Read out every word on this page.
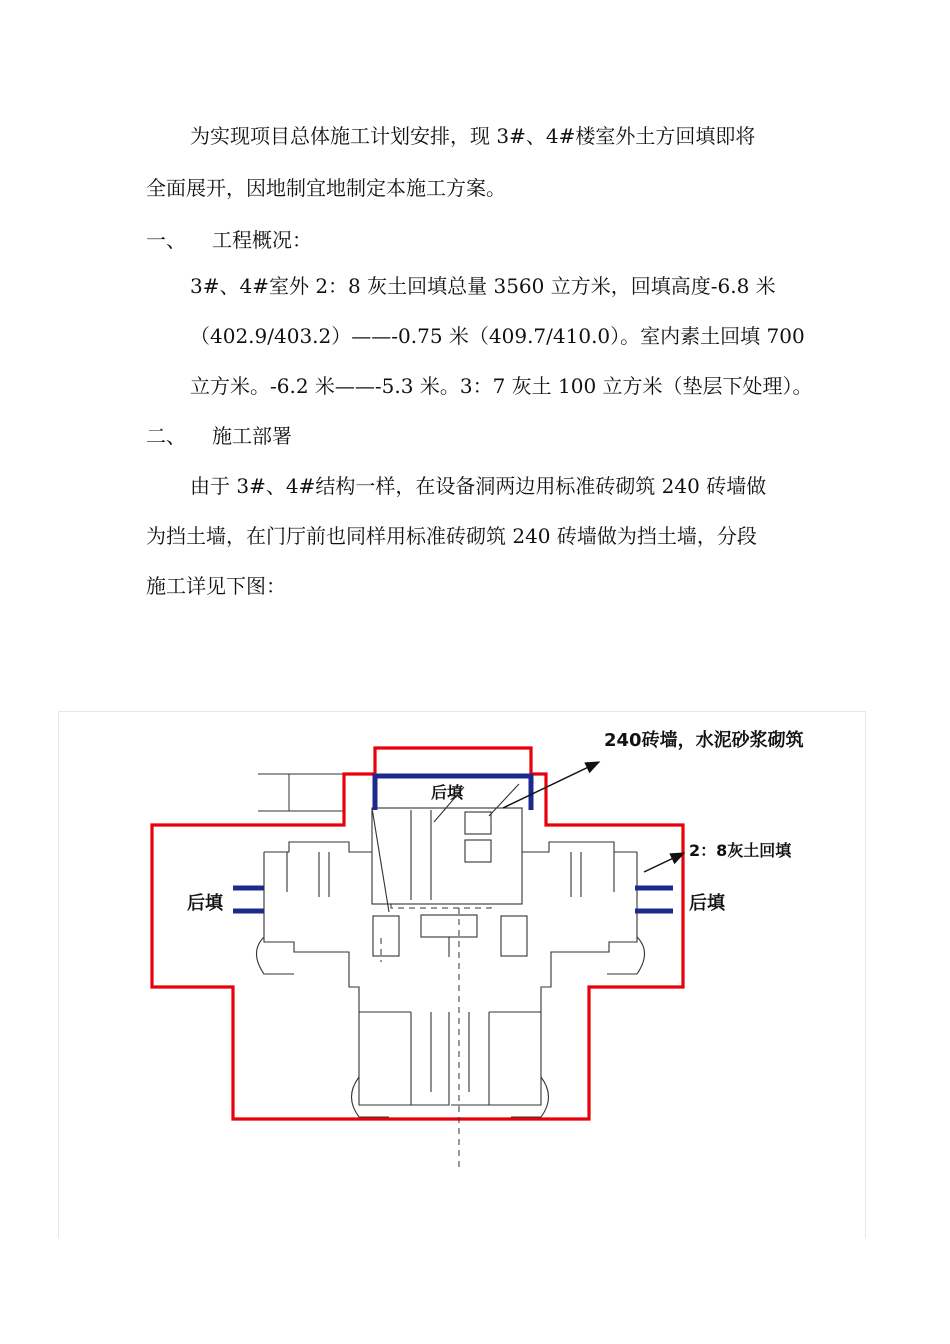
为实现项目总体施工计划安排，现 3#、4#楼室外土方回填即将
全面展开，因地制宜地制定本施工方案。
一、 工程概况：
3#、4#室外 2：8 灰土回填总量 3560 立方米，回填高度-6.8 米
（402.9/403.2）——-0.75 米（409.7/410.0）。室内素土回填 700
立方米。-6.2 米——-5.3 米。3：7 灰土 100 立方米（垫层下处理）。
二、 施工部署
由于 3#、4#结构一样，在设备洞两边用标准砖砌筑 240 砖墙做
为挡土墙，在门厅前也同样用标准砖砌筑 240 砖墙做为挡土墙，分段
施工详见下图：
240砖墙，水泥砂浆砌筑
2：8灰土回填
后填
后填	后填
